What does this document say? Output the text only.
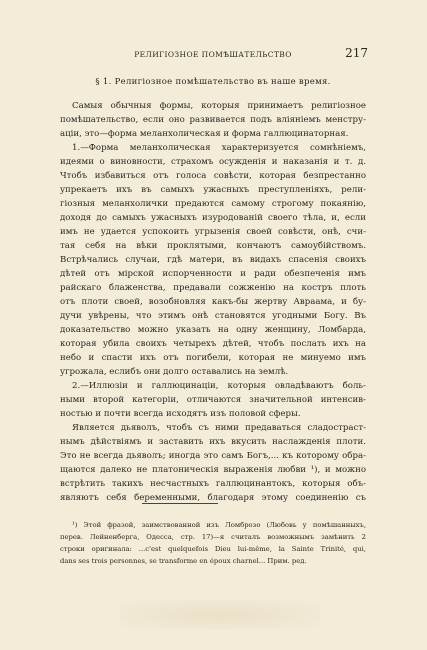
РЕЛИГІОЗНОЕ ПОМѢШАТЕЛЬСТВО	217
§ 1. Религіозное помѣшательство въ наше время.
Самыя обычныя формы, которыя принимаетъ религіозное
помѣшательство, если оно развивается подъ вліяніемъ менстру-
аціи, это—форма меланхолическая и форма галлюцинаторная.
1.—Форма меланхолическая характеризуется сомнѣніемъ,
идеями о виновности, страхомъ осужденія и наказанія и т. д.
Чтобъ избавиться отъ голоса совѣсти, которая безпрестанно
упрекаетъ ихъ въ самыхъ ужасныхъ преступленіяхъ, рели-
гіозныя меланхолички предаются самому строгому покаянію,
доходя до самыхъ ужасныхъ изуродованій своего тѣла, и, если
имъ не удается успокоить угрызенія своей совѣсти, онѣ, счи-
тая себя на вѣки проклятыми, кончаютъ самоубійствомъ.
Встрѣчались случаи, гдѣ матери, въ видахъ спасенія своихъ
дѣтей отъ мірской испорченности и ради обезпеченія имъ
райскаго блаженства, предавали сожженію на костръ плоть
отъ плоти своей, возобновляя какъ-бы жертву Авраама, и бу-
дучи увѣрены, что этимъ онѣ становятся угодными Богу. Въ
доказательство можно указать на одну женщину, Ломбарда,
которая убила своихъ четырехъ дѣтей, чтобъ послать ихъ на
небо и спасти ихъ отъ погибели, которая не минуемо имъ
угрожала, еслибъ они долго оставались на землѣ.
2.—Иллюзіи и галлюцинаціи, которыя овладѣваютъ боль-
ными второй категоріи, отличаются значительной интенсив-
ностью и почти всегда исходятъ изъ половой сферы.
Является дьяволъ, чтобъ съ ними предаваться сладостраст-
нымъ дѣйствіямъ и заставить ихъ вкусить наслажденія плоти.
Это не всегда дьяволъ; иногда это самъ Богъ,... къ которому обра-
щаются далеко не платоническія выраженія любви ¹), и можно
встрѣтить такихъ несчастныхъ галлюцинантокъ, которыя объ-
являютъ себя беременными, благодаря этому соединенію съ
¹) Этой фразой, заимствованной изъ Ломброзо (Любовь у помѣшанныхъ,
перев. Лейненберга, Одесса, стр. 17)—я считалъ возможнымъ замѣнить 2
строки оригинала: ...c'est quelquefois Dieu lui-même, la Sainte Trinité, qui,
dans ses trois personnes, se transforme en époux charnel... Прим. ред.
